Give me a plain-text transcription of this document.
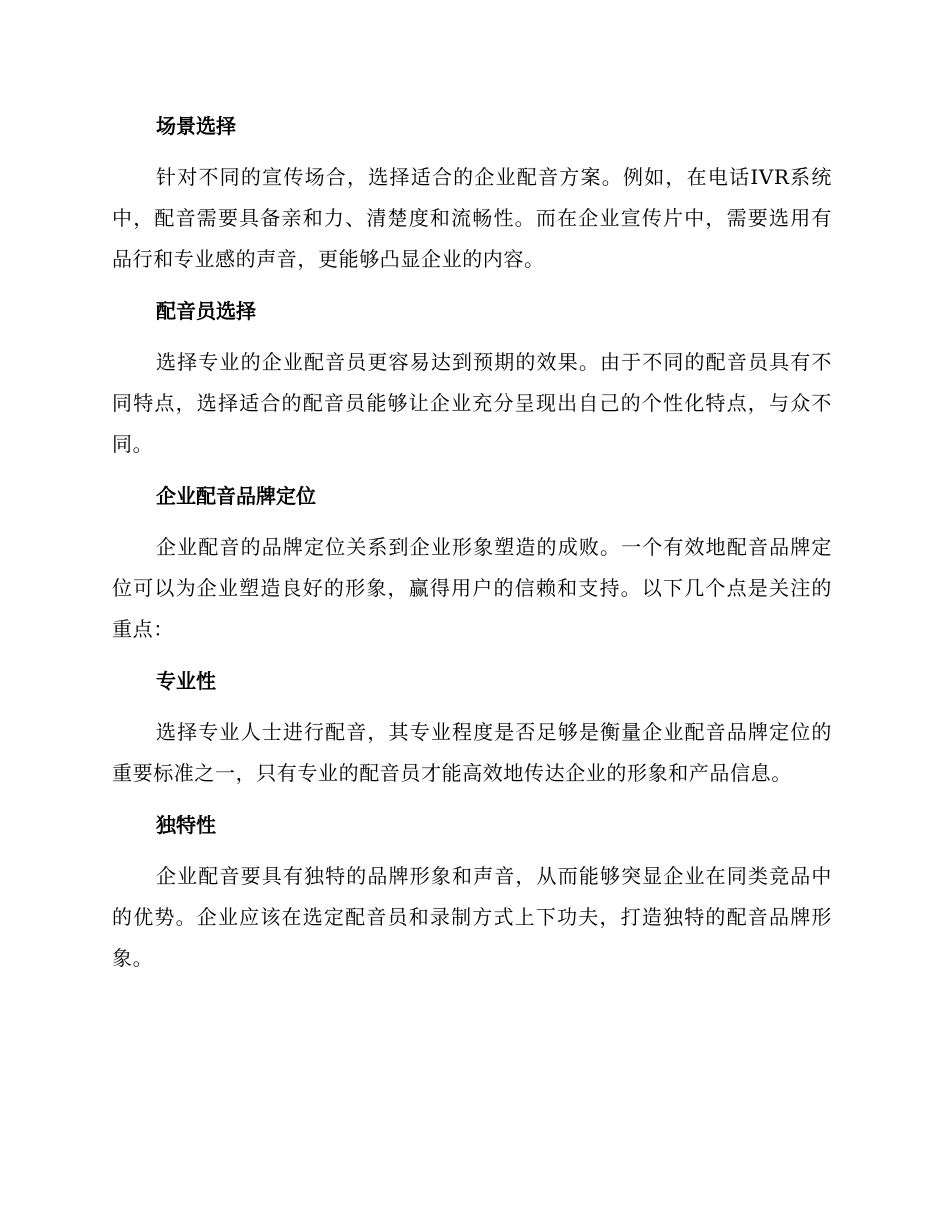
场景选择

针对不同的宣传场合，选择适合的企业配音方案。例如，在电话IVR系统中，配音需要具备亲和力、清楚度和流畅性。而在企业宣传片中，需要选用有品行和专业感的声音，更能够凸显企业的内容。

配音员选择

选择专业的企业配音员更容易达到预期的效果。由于不同的配音员具有不同特点，选择适合的配音员能够让企业充分呈现出自己的个性化特点，与众不同。

企业配音品牌定位

企业配音的品牌定位关系到企业形象塑造的成败。一个有效地配音品牌定位可以为企业塑造良好的形象，赢得用户的信赖和支持。以下几个点是关注的重点：

专业性

选择专业人士进行配音，其专业程度是否足够是衡量企业配音品牌定位的重要标准之一，只有专业的配音员才能高效地传达企业的形象和产品信息。

独特性

企业配音要具有独特的品牌形象和声音，从而能够突显企业在同类竞品中的优势。企业应该在选定配音员和录制方式上下功夫，打造独特的配音品牌形象。
